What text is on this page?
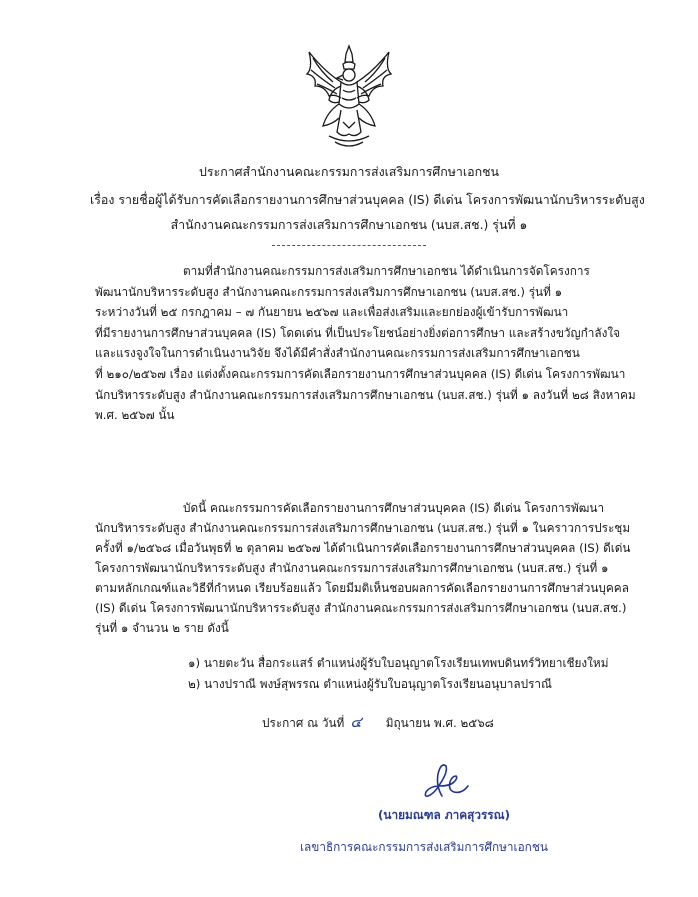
ประกาศสำนักงานคณะกรรมการส่งเสริมการศึกษาเอกชน
เรื่อง รายชื่อผู้ได้รับการคัดเลือกรายงานการศึกษาส่วนบุคคล (IS) ดีเด่น โครงการพัฒนานักบริหารระดับสูง
สำนักงานคณะกรรมการส่งเสริมการศึกษาเอกชน (นบส.สช.) รุ่นที่ ๑
ตามที่สำนักงานคณะกรรมการส่งเสริมการศึกษาเอกชน ได้ดำเนินการจัดโครงการ
พัฒนานักบริหารระดับสูง สำนักงานคณะกรรมการส่งเสริมการศึกษาเอกชน (นบส.สช.) รุ่นที่ ๑
ระหว่างวันที่ ๒๕ กรกฎาคม – ๗ กันยายน ๒๕๖๗ และเพื่อส่งเสริมและยกย่องผู้เข้ารับการพัฒนา
ที่มีรายงานการศึกษาส่วนบุคคล (IS) โดดเด่น ที่เป็นประโยชน์อย่างยิ่งต่อการศึกษา และสร้างขวัญกำลังใจ
และแรงจูงใจในการดำเนินงานวิจัย จึงได้มีคำสั่งสำนักงานคณะกรรมการส่งเสริมการศึกษาเอกชน
ที่ ๒๑๐/๒๕๖๗ เรื่อง แต่งตั้งคณะกรรมการคัดเลือกรายงานการศึกษาส่วนบุคคล (IS) ดีเด่น โครงการพัฒนา
นักบริหารระดับสูง สำนักงานคณะกรรมการส่งเสริมการศึกษาเอกชน (นบส.สช.) รุ่นที่ ๑ ลงวันที่ ๒๘ สิงหาคม
พ.ศ. ๒๕๖๗ นั้น
บัดนี้ คณะกรรมการคัดเลือกรายงานการศึกษาส่วนบุคคล (IS) ดีเด่น โครงการพัฒนา
นักบริหารระดับสูง สำนักงานคณะกรรมการส่งเสริมการศึกษาเอกชน (นบส.สช.) รุ่นที่ ๑ ในคราวการประชุม
ครั้งที่ ๑/๒๕๖๘ เมื่อวันพุธที่ ๒ ตุลาคม ๒๕๖๗ ได้ดำเนินการคัดเลือกรายงานการศึกษาส่วนบุคคล (IS) ดีเด่น
โครงการพัฒนานักบริหารระดับสูง สำนักงานคณะกรรมการส่งเสริมการศึกษาเอกชน (นบส.สช.) รุ่นที่ ๑
ตามหลักเกณฑ์และวิธีที่กำหนด เรียบร้อยแล้ว โดยมีมติเห็นชอบผลการคัดเลือกรายงานการศึกษาส่วนบุคคล
(IS) ดีเด่น โครงการพัฒนานักบริหารระดับสูง สำนักงานคณะกรรมการส่งเสริมการศึกษาเอกชน (นบส.สช.)
รุ่นที่ ๑ จำนวน ๒ ราย ดังนี้
๑) นายตะวัน สื่อกระแสร์ ตำแหน่งผู้รับใบอนุญาตโรงเรียนเทพบดินทร์วิทยาเชียงใหม่
๒) นางปราณี พงษ์สุพรรณ ตำแหน่งผู้รับใบอนุญาตโรงเรียนอนุบาลปราณี
ประกาศ ณ วันที่ ๔	มิถุนายน พ.ศ. ๒๕๖๘
(นายมณฑล ภาคสุวรรณ)
เลขาธิการคณะกรรมการส่งเสริมการศึกษาเอกชน
